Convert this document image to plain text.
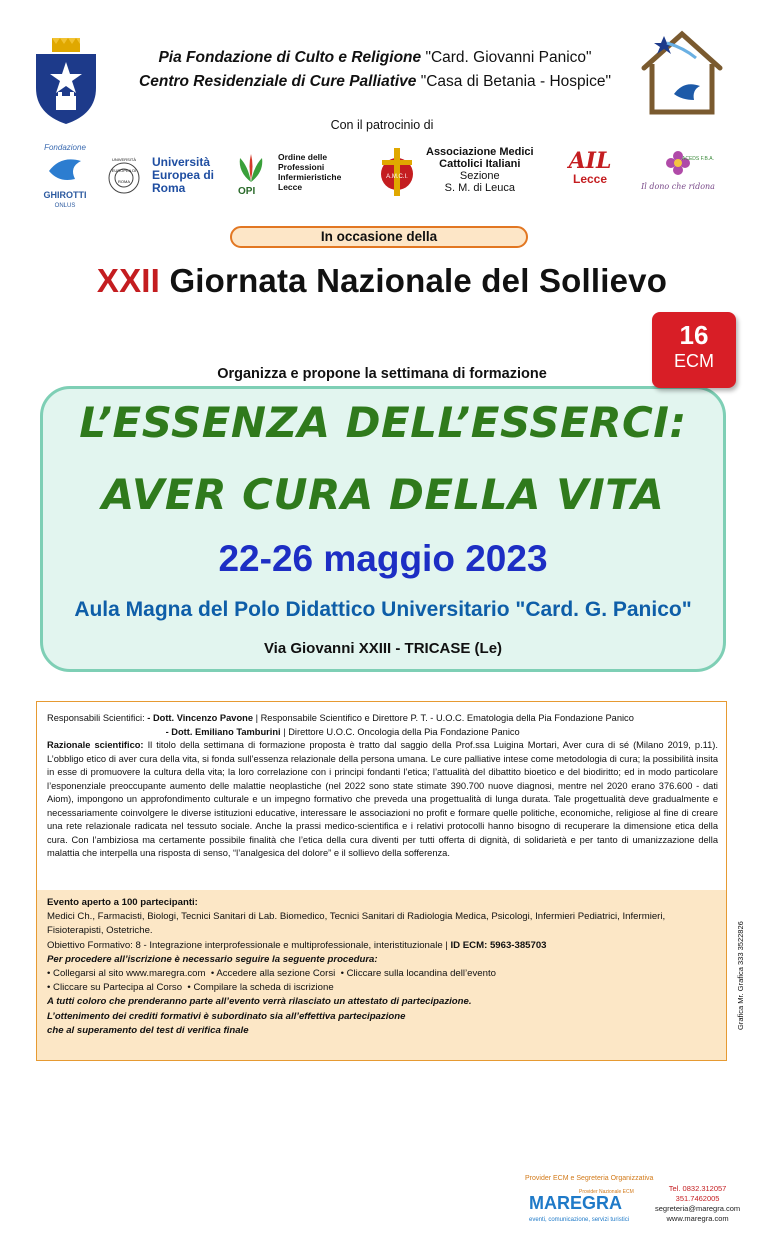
Pia Fondazione di Culto e Religione "Card. Giovanni Panico"
Centro Residenziale di Cure Palliative "Casa di Betania - Hospice"
Con il patrocinio di
Fondazione
GHIROTTI
ONLUS
UNIVERSITÀ EUROPEA DI ROMA
Università
Europea di
Roma	OPI
Ordine delle
Professioni
Infermieristiche
Lecce
A.M.C.I.
Associazione Medici
Cattolici Italiani
Sezione
S. M. di Leuca
AIL
Lecce
ACEDS F.B.A.
Il dono che ridona
In occasione della
XXII Giornata Nazionale del Sollievo
16
ECM
Organizza e propone la settimana di formazione
L’ESSENZA DELL’ESSERCI:
AVER CURA DELLA VITA
22-26 maggio 2023
Aula Magna del Polo Didattico Universitario "Card. G. Panico"
Via Giovanni XXIII - TRICASE (Le)
Responsabili Scientifici: - Dott. Vincenzo Pavone | Responsabile Scientifico e Direttore P. T. - U.O.C. Ematologia della Pia Fondazione Panico
- Dott. Emiliano Tamburini | Direttore U.O.C. Oncologia della Pia Fondazione Panico
Razionale scientifico: Il titolo della settimana di formazione proposta è tratto dal saggio della Prof.ssa Luigina Mortari, Aver cura di sé (Milano 2019, p.11). L’obbligo etico di aver cura della vita, si fonda sull’essenza relazionale della persona umana. Le cure palliative intese come metodologia di cura; la possibilità insita in esse di promuovere la cultura della vita; la loro correlazione con i principi fondanti l’etica; l’attualità del dibattito bioetico e del biodiritto; ed in modo particolare l’esponenziale preoccupante aumento delle malattie neoplastiche (nel 2022 sono state stimate 390.700 nuove diagnosi, mentre nel 2020 erano 376.600 - dati Aiom), impongono un approfondimento culturale e un impegno formativo che preveda una progettualità di lunga durata. Tale progettualità deve gradualmente e necessariamente coinvolgere le diverse istituzioni educative, interessare le associazioni no profit e formare quelle politiche, economiche, religiose al fine di creare una rete relazionale radicata nel tessuto sociale. Anche la prassi medico-scientifica e i relativi protocolli hanno bisogno di recuperare la dimensione etica della cura. Con l’ambiziosa ma certamente possibile finalità che l’etica della cura diventi per tutti offerta di dignità, di solidarietà e per tanto di umanizzazione della malattia che interpella una risposta di senso, “l’analgesica del dolore” e il sollievo della sofferenza.
Evento aperto a 100 partecipanti:
Medici Ch., Farmacisti, Biologi, Tecnici Sanitari di Lab. Biomedico, Tecnici Sanitari di Radiologia Medica, Psicologi, Infermieri Pediatrici, Infermieri, Fisioterapisti, Ostetriche.
Obiettivo Formativo: 8 - Integrazione interprofessionale e multiprofessionale, interistituzionale | ID ECM: 5963-385703
Per procedere all’iscrizione è necessario seguire la seguente procedura:
• Collegarsi al sito www.maregra.com  • Accedere alla sezione Corsi  • Cliccare sulla locandina dell’evento
• Cliccare su Partecipa al Corso  • Compilare la scheda di iscrizione
A tutti coloro che prenderanno parte all’evento verrà rilasciato un attestato di partecipazione.
L’ottenimento dei crediti formativi è subordinato sia all’effettiva partecipazione
che al superamento del test di verifica finale
Provider ECM e Segreteria Organizzativa
Provider Nazionale ECM
MAREGRA
eventi, comunicazione, servizi turistici
Tel. 0832.312057
351.7462005
segreteria@maregra.com
www.maregra.com
Grafica Mr. Grafica 333 3522826
